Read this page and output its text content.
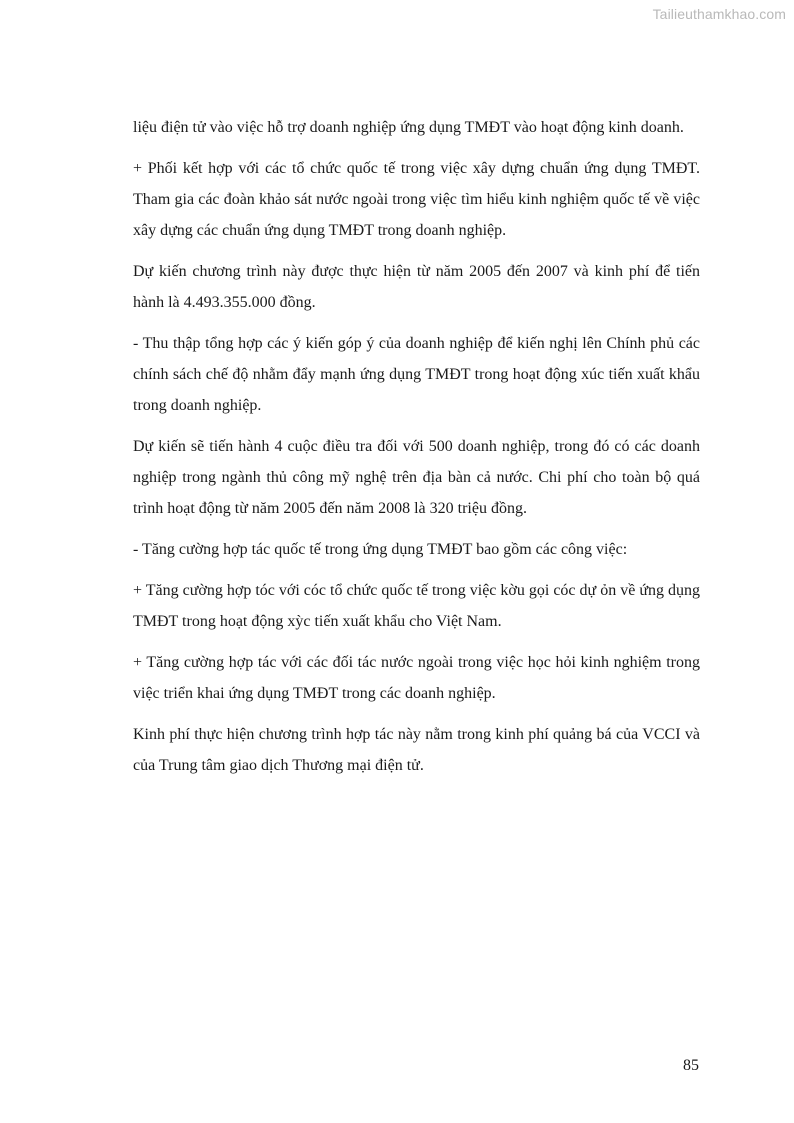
Tailieuthamkhao.com

liệu điện tử vào việc hỗ trợ doanh nghiệp ứng dụng TMĐT vào hoạt động kinh doanh.

+ Phối kết hợp với các tổ chức quốc tế trong việc xây dựng chuẩn ứng dụng TMĐT. Tham gia các đoàn khảo sát nước ngoài trong việc tìm hiểu kinh nghiệm quốc tế về việc xây dựng các chuẩn ứng dụng TMĐT trong doanh nghiệp.

Dự kiến chương trình này được thực hiện từ năm 2005 đến 2007 và kinh phí để tiến hành là 4.493.355.000 đồng.

- Thu thập tổng hợp các ý kiến góp ý của doanh nghiệp để kiến nghị lên Chính phủ các chính sách chế độ nhằm đẩy mạnh ứng dụng TMĐT trong hoạt động xúc tiến xuất khẩu trong doanh nghiệp.

Dự kiến sẽ tiến hành 4 cuộc điều tra đối với 500 doanh nghiệp, trong đó có các doanh nghiệp trong ngành thủ công mỹ nghệ trên địa bàn cả nước. Chi phí cho toàn bộ quá trình hoạt động từ năm 2005 đến năm 2008 là 320 triệu đồng.

- Tăng cường hợp tác quốc tế trong ứng dụng TMĐT bao gồm các công việc:

+ Tăng cường hợp tóc với cóc tổ chức quốc tế trong việc kờu gọi cóc dự ỏn về ứng dụng TMĐT trong hoạt động xỳc tiến xuất khẩu cho Việt Nam.

+ Tăng cường hợp tác với các đối tác nước ngoài trong việc học hỏi kinh nghiệm trong việc triển khai ứng dụng TMĐT trong các doanh nghiệp.

Kinh phí thực hiện chương trình hợp tác này nằm trong kinh phí quảng bá của VCCI và của Trung tâm giao dịch Thương mại điện tử.

85
